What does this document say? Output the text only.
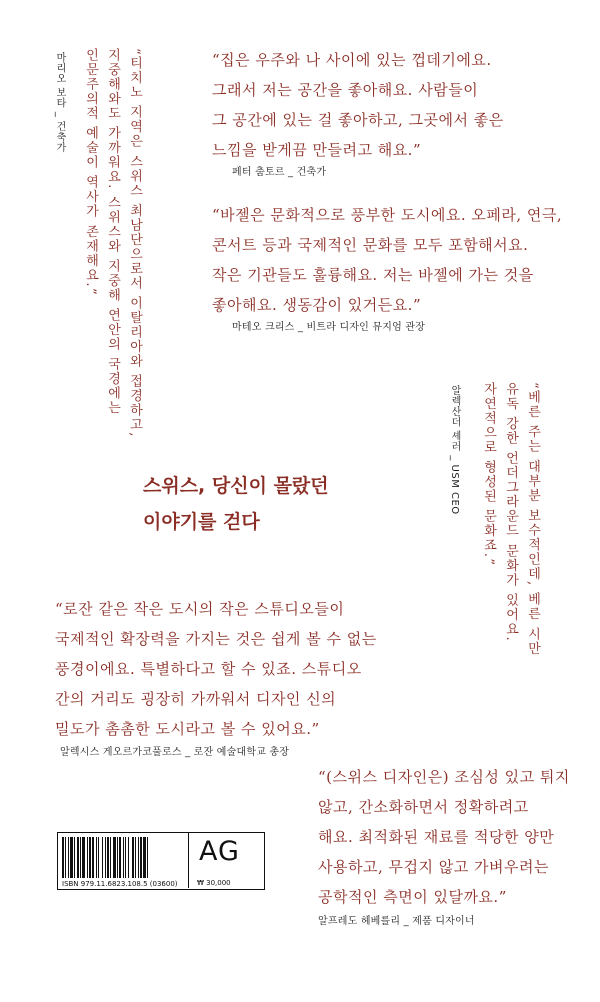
“집은 우주와 나 사이에 있는 껍데기에요.
그래서 저는 공간을 좋아해요. 사람들이
그 공간에 있는 걸 좋아하고, 그곳에서 좋은
느낌을 받게끔 만들려고 해요.”
페터 춤토르 _ 건축가
“바젤은 문화적으로 풍부한 도시에요. 오페라, 연극,
콘서트 등과 국제적인 문화를 모두 포함해서요.
작은 기관들도 훌륭해요. 저는 바젤에 가는 것을
좋아해요. 생동감이 있거든요.”
마테오 크리스 _ 비트라 디자인 뮤지엄 관장
“티치노 지역은 스위스 최남단으로서 이탈리아와 접경하고,
지중해와도 가까워요. 스위스와 지중해 연안의 국경에는
인문주의적 예술이 역사가 존재해요.”
마리오 보타 _ 건축가
“베른 주는 대부분 보수적인데, 베른 시만
유독 강한 언더그라운드 문화가 있어요.
자연적으로 형성된 문화죠.”
알렉산더 셰러 _ USM CEO
스위스, 당신이 몰랐던
이야기를 걷다
“로잔 같은 작은 도시의 작은 스튜디오들이
국제적인 확장력을 가지는 것은 쉽게 볼 수 없는
풍경이에요. 특별하다고 할 수 있죠. 스튜디오
간의 거리도 굉장히 가까워서 디자인 신의
밀도가 촘촘한 도시라고 볼 수 있어요.”
알렉시스 게오르가코풀로스 _ 로잔 예술대학교 총장
“(스위스 디자인은) 조심성 있고 튀지
않고, 간소화하면서 정확하려고
해요. 최적화된 재료를 적당한 양만
사용하고, 무겁지 않고 가벼우려는
공학적인 측면이 있달까요.”
알프레도 헤베를리 _ 제품 디자이너
ISBN 979.11.6823.108.5 (03600)
AG
₩ 30,000
